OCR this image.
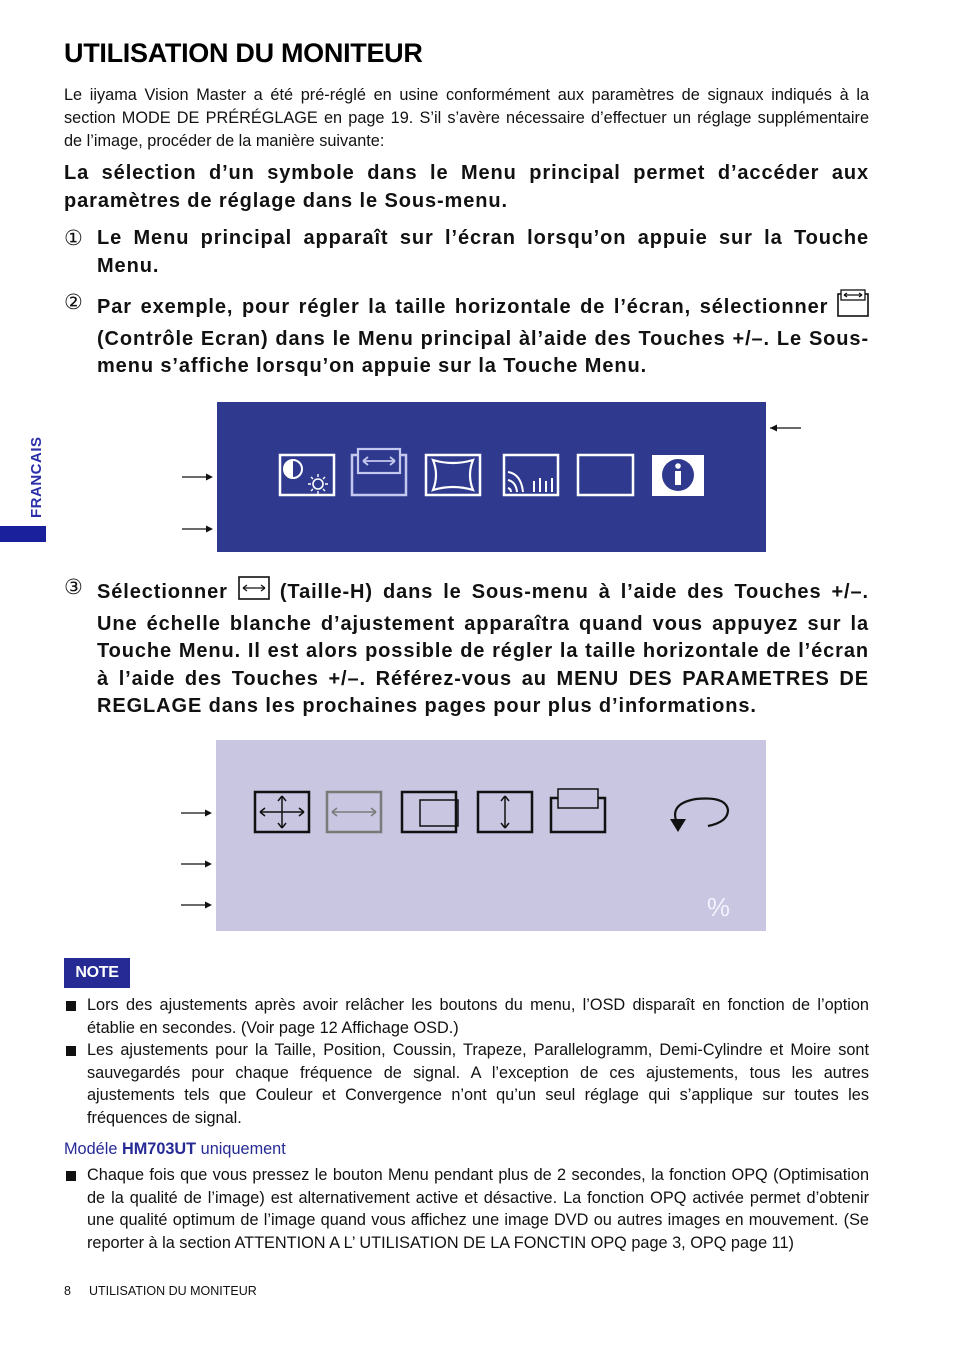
UTILISATION DU MONITEUR
Le iiyama Vision Master a été pré-réglé en usine conformément aux paramètres de signaux indiqués à la section MODE DE PRÉRÉGLAGE en page 19. S’il s’avère nécessaire d’effectuer un réglage supplémentaire de l’image, procéder de la manière suivante:
La sélection d’un symbole dans le Menu principal permet d’accéder aux paramètres de réglage dans le Sous-menu.
① Le Menu principal apparaît sur l’écran lorsqu’on appuie sur la Touche Menu.
② Par exemple, pour régler la taille horizontale de l’écran, sélectionner  (Contrôle Ecran) dans le Menu principal àl’aide des Touches +/–. Le Sous-menu s’affiche lorsqu’on appuie sur la Touche Menu.
FRANCAIS
③ Sélectionner	(Taille-H) dans le Sous-menu à l’aide des Touches +/–. Une échelle blanche d’ajustement apparaîtra quand vous appuyez sur la Touche Menu. Il est alors possible de régler la taille horizontale de l’écran à l’aide des Touches +/–. Référez-vous au MENU DES PARAMETRES DE REGLAGE dans les prochaines pages pour plus d’informations.
%
NOTE
Lors des ajustements après avoir relâcher les boutons du menu, l’OSD disparaît en fonction de l’option établie en secondes. (Voir page 12 Affichage OSD.)
Les ajustements pour la Taille, Position, Coussin, Trapeze, Parallelogramm, Demi-Cylindre et Moire sont sauvegardés pour chaque fréquence de signal. A l’exception de ces ajustements, tous les autres ajustements tels que Couleur et Convergence n’ont qu’un seul réglage qui s’applique sur toutes les fréquences de signal.
Modéle HM703UT uniquement
Chaque fois que vous pressez le bouton Menu pendant plus de 2 secondes, la fonction OPQ (Optimisation de la qualité de l’image) est alternativement active et désactive. La fonction OPQ activée permet d’obtenir une qualité optimum de l’image quand vous affichez une image DVD ou autres images en mouvement. (Se reporter à la section ATTENTION A L’ UTILISATION DE LA FONCTIN OPQ page 3, OPQ page 11)
8 UTILISATION DU MONITEUR
